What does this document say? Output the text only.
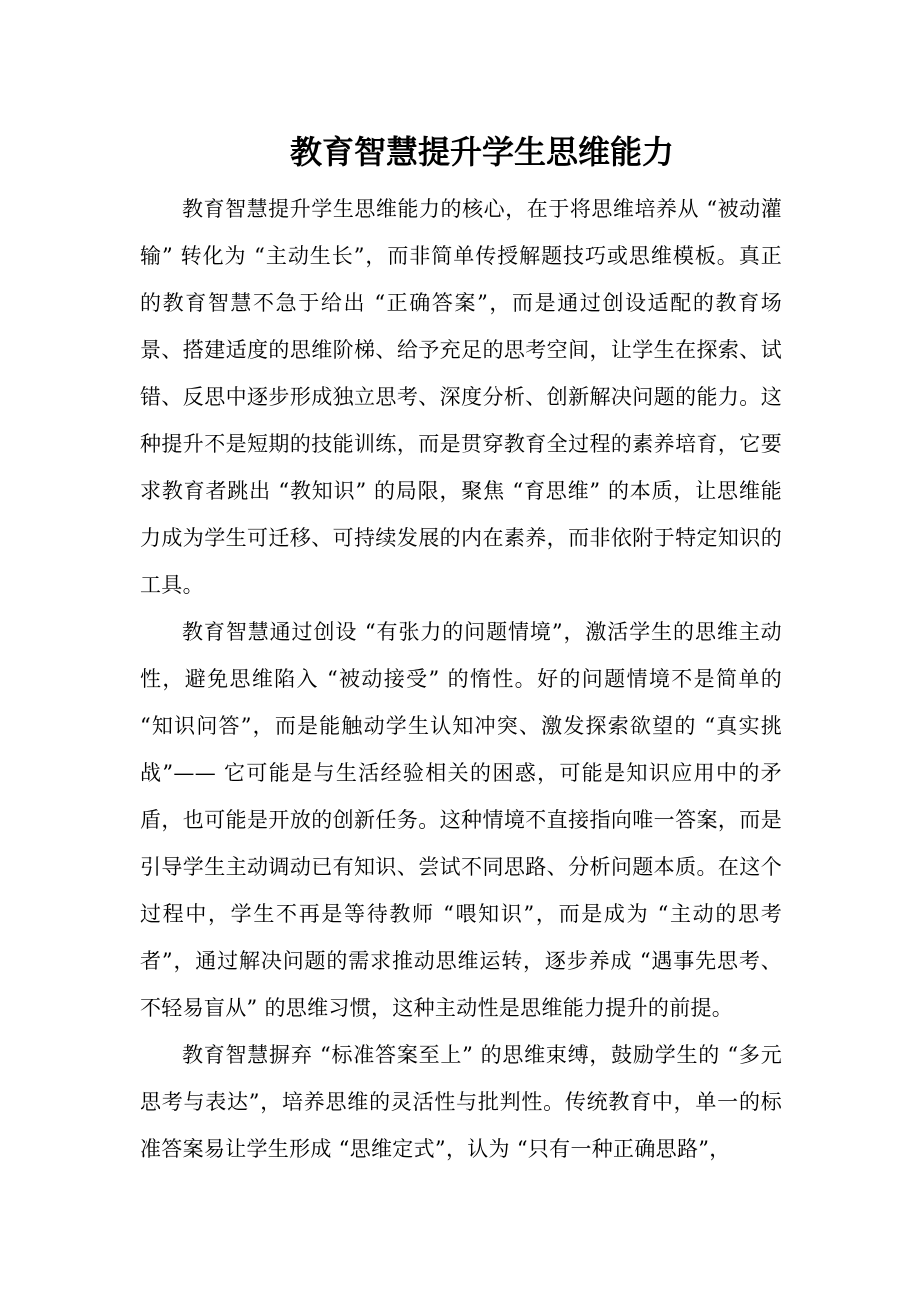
教育智慧提升学生思维能力

教育智慧提升学生思维能力的核心，在于将思维培养从 “被动灌输” 转化为 “主动生长”，而非简单传授解题技巧或思维模板。真正的教育智慧不急于给出 “正确答案”，而是通过创设适配的教育场景、搭建适度的思维阶梯、给予充足的思考空间，让学生在探索、试错、反思中逐步形成独立思考、深度分析、创新解决问题的能力。这种提升不是短期的技能训练，而是贯穿教育全过程的素养培育，它要求教育者跳出 “教知识” 的局限，聚焦 “育思维” 的本质，让思维能力成为学生可迁移、可持续发展的内在素养，而非依附于特定知识的工具。

教育智慧通过创设 “有张力的问题情境”，激活学生的思维主动性，避免思维陷入 “被动接受” 的惰性。好的问题情境不是简单的 “知识问答”，而是能触动学生认知冲突、激发探索欲望的 “真实挑战”—— 它可能是与生活经验相关的困惑，可能是知识应用中的矛盾，也可能是开放的创新任务。这种情境不直接指向唯一答案，而是引导学生主动调动已有知识、尝试不同思路、分析问题本质。在这个过程中，学生不再是等待教师 “喂知识”，而是成为 “主动的思考者”，通过解决问题的需求推动思维运转，逐步养成 “遇事先思考、不轻易盲从” 的思维习惯，这种主动性是思维能力提升的前提。

教育智慧摒弃 “标准答案至上” 的思维束缚，鼓励学生的 “多元思考与表达”，培养思维的灵活性与批判性。传统教育中，单一的标准答案易让学生形成 “思维定式”，认为 “只有一种正确思路”，
